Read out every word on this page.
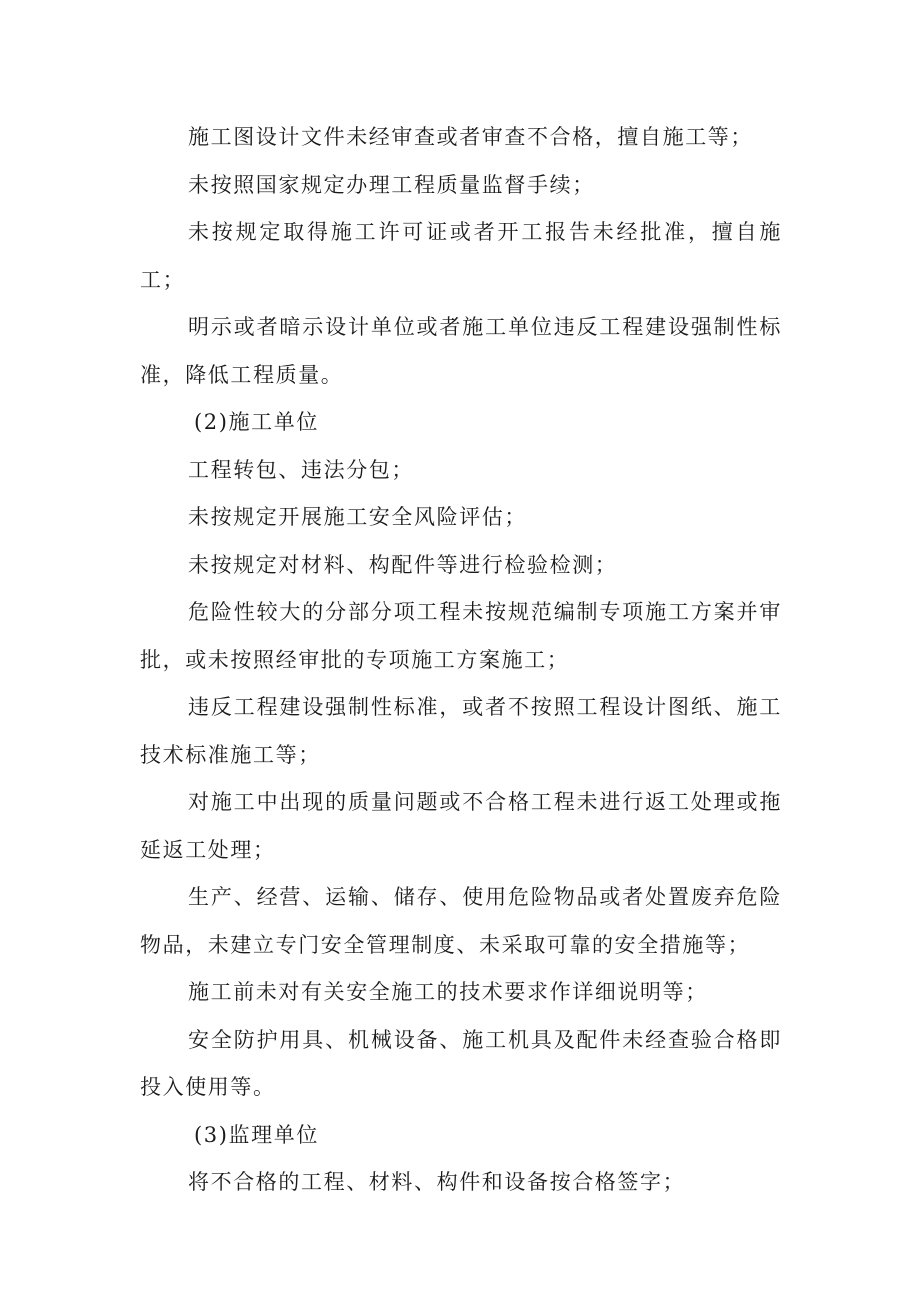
施工图设计文件未经审查或者审查不合格，擅自施工等；

未按照国家规定办理工程质量监督手续；

未按规定取得施工许可证或者开工报告未经批准，擅自施工；

明示或者暗示设计单位或者施工单位违反工程建设强制性标准，降低工程质量。

(2)施工单位

工程转包、违法分包；

未按规定开展施工安全风险评估；

未按规定对材料、构配件等进行检验检测；

危险性较大的分部分项工程未按规范编制专项施工方案并审批，或未按照经审批的专项施工方案施工；

违反工程建设强制性标准，或者不按照工程设计图纸、施工技术标准施工等；

对施工中出现的质量问题或不合格工程未进行返工处理或拖延返工处理；

生产、经营、运输、储存、使用危险物品或者处置废弃危险物品，未建立专门安全管理制度、未采取可靠的安全措施等；

施工前未对有关安全施工的技术要求作详细说明等；

安全防护用具、机械设备、施工机具及配件未经查验合格即投入使用等。

(3)监理单位

将不合格的工程、材料、构件和设备按合格签字；
